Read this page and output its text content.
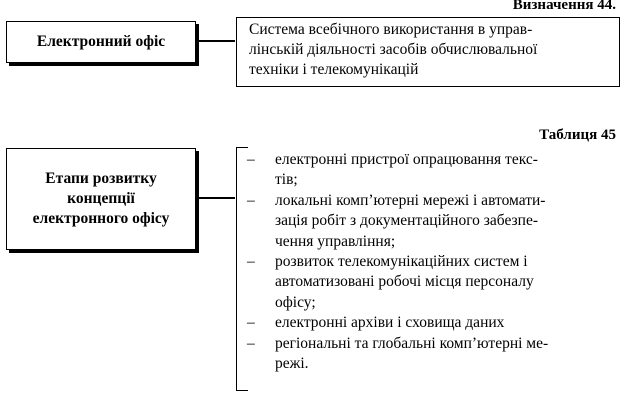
Визначення 44.
Електронний офіс
Система всебічного використання в управ-
лінській діяльності засобів обчислювальної
техніки і телекомунікацій
Таблиця 45
Етапи розвитку
концепції
електронного офісу
– електронні пристрої опрацювання текс-
тів;
– локальні комп’ютерні мережі і автомати-
зація робіт з документаційного забезпе-
чення управління;
– розвиток телекомунікаційних систем і
автоматизовані робочі місця персоналу
офісу;
– електронні архіви і сховища даних
– регіональні та глобальні комп’ютерні ме-
режі.
